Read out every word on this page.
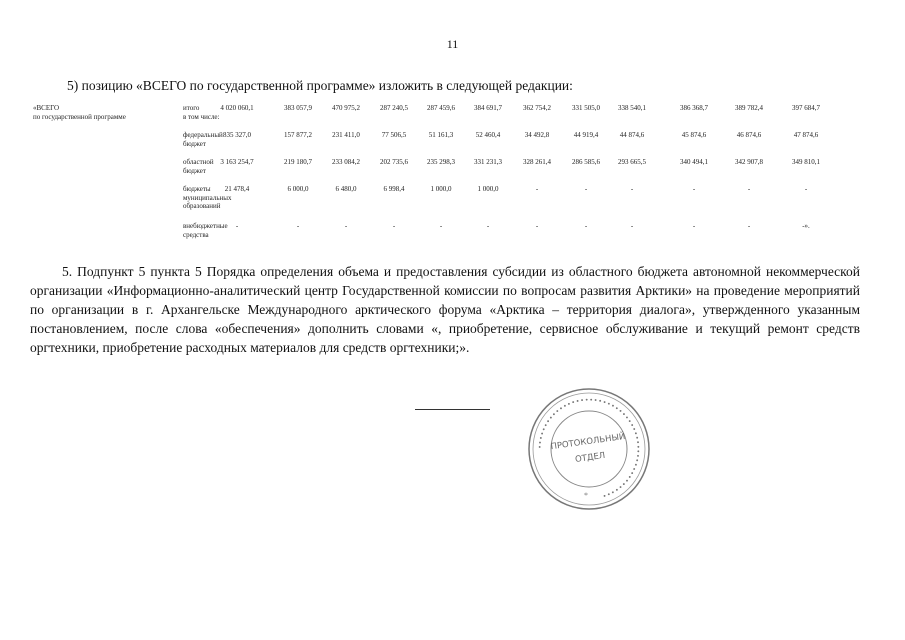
11
5) позицию «ВСЕГО по государственной программе» изложить в следующей редакции:
«ВСЕГО
по государственной программе
итого
в том числе:
4 020 060,1	383 057,9	470 975,2	287 240,5	287 459,6	384 691,7	362 754,2	331 505,0	338 540,1	386 368,7	389 782,4	397 684,7
федеральный
бюджет
835 327,0	157 877,2	231 411,0	77 506,5	51 161,3	52 460,4	34 492,8	44 919,4	44 874,6	45 874,6	46 874,6	47 874,6
областной
бюджет
3 163 254,7	219 180,7	233 084,2	202 735,6	235 298,3	331 231,3	328 261,4	286 585,6	293 665,5	340 494,1	342 907,8	349 810,1
бюджеты
муниципальных
образований
21 478,4	6 000,0	6 480,0	6 998,4	1 000,0	1 000,0	-	-	-	-	-	-
внебюджетные
средства
-	-	-	-	-	-	-	-	-	-	-	-».
5. Подпункт 5 пункта 5 Порядка определения объема и предоставления субсидии из областного бюджета автономной некоммерческой организации «Информационно-аналитический центр Государственной комиссии по вопросам развития Арктики» на проведение мероприятий по организации в г. Архангельске Международного арктического форума «Арктика – территория диалога», утвержденного указанным постановлением, после слова «обеспечения» дополнить словами «, приобретение, сервисное обслуживание и текущий ремонт средств оргтехники, приобретение расходных материалов для средств оргтехники;».
••••••••••••••••••••••••••••••••••••••••••••••••
ПРОТОКОЛЬНЫЙ
ОТДЕЛ
*
